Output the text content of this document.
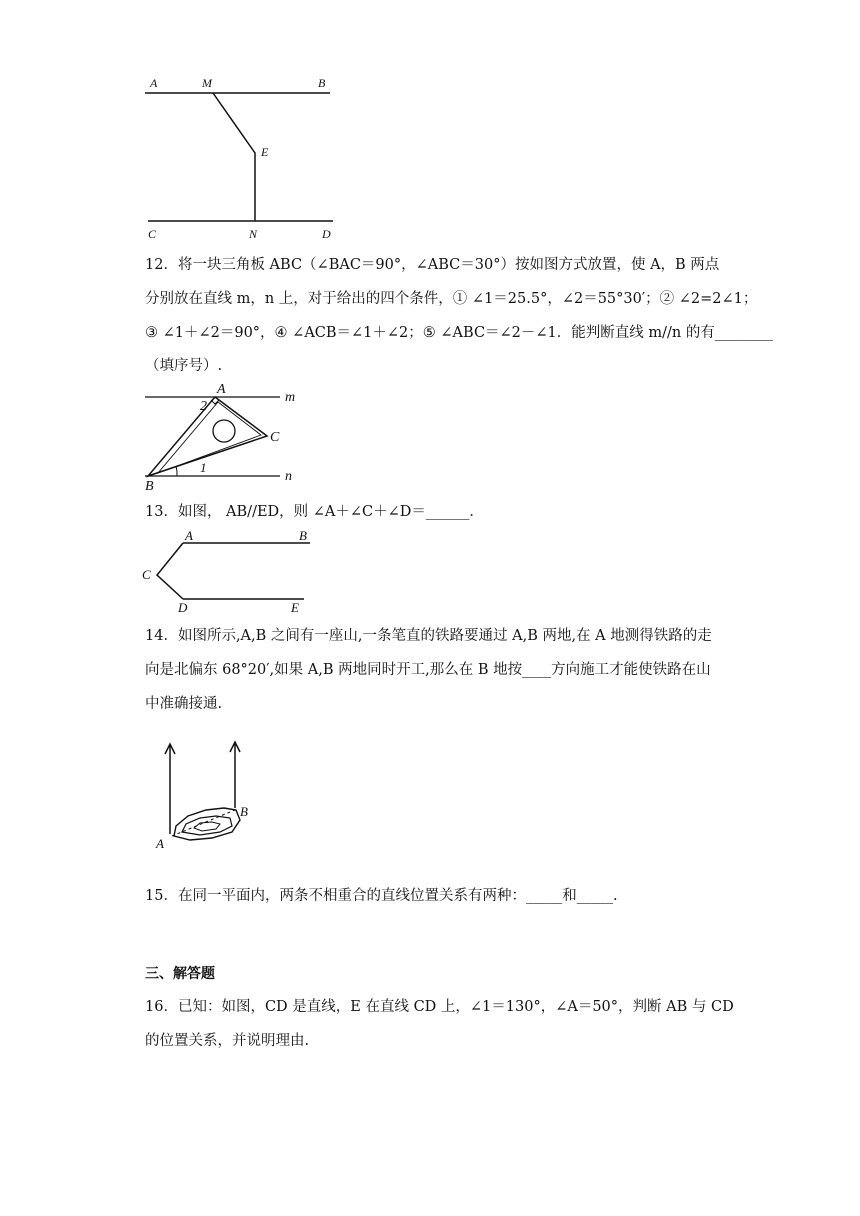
A	M	B
E
C	N	D
12．将一块三角板 ABC（∠BAC＝90°，∠ABC＝30°）按如图方式放置，使 A，B 两点
分别放在直线 m，n 上，对于给出的四个条件，① ∠1＝25.5°，∠2＝55°30′；② ∠2=2∠1；
③ ∠1＋∠2＝90°，④ ∠ACB＝∠1＋∠2；⑤ ∠ABC＝∠2－∠1．能判断直线 m//n 的有________
（填序号）.
A
m
2
C
1
n
B
13．如图， AB//ED，则 ∠A＋∠C＋∠D＝______．
A	B
C
D	E
14．如图所示,A,B 之间有一座山,一条笔直的铁路要通过 A,B 两地,在 A 地测得铁路的走
向是北偏东 68°20′,如果 A,B 两地同时开工,那么在 B 地按____方向施工才能使铁路在山
中准确接通.
A
B
15．在同一平面内，两条不相重合的直线位置关系有两种：_____和_____.
三、解答题
16．已知：如图，CD 是直线，E 在直线 CD 上，∠1＝130°，∠A＝50°，判断 AB 与 CD
的位置关系，并说明理由.
